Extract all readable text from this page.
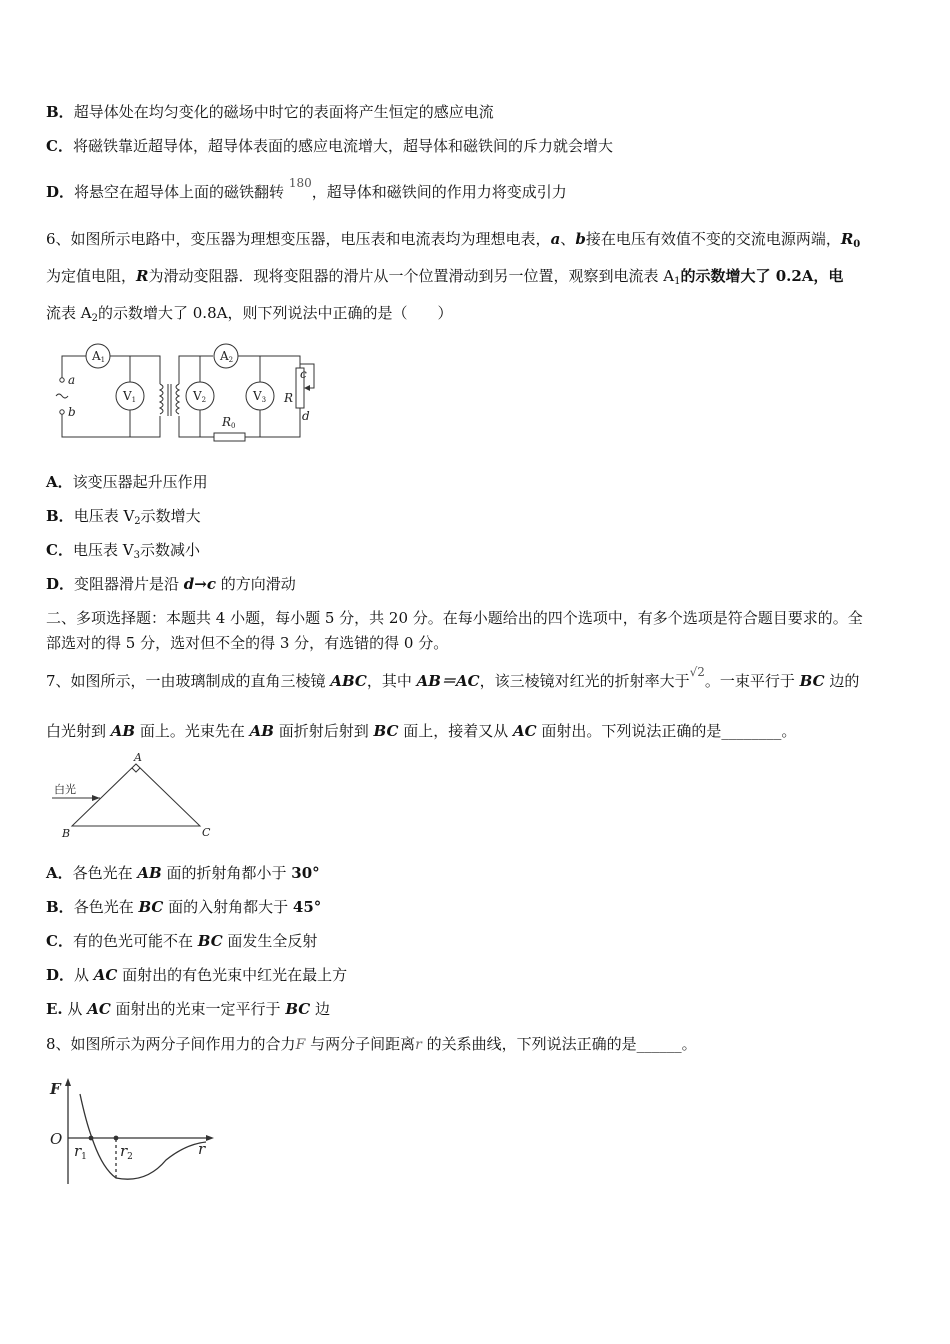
B．超导体处在均匀变化的磁场中时它的表面将产生恒定的感应电流
C．将磁铁靠近超导体，超导体表面的感应电流增大，超导体和磁铁间的斥力就会增大
D．将悬空在超导体上面的磁铁翻转 $^{180}$，超导体和磁铁间的作用力将变成引力
6、如图所示电路中，变压器为理想变压器，电压表和电流表均为理想电表，a、b接在电压有效值不变的交流电源两端，$R_0$
为定值电阻，R为滑动变阻器．现将变阻器的滑片从一个位置滑动到另一位置，观察到电流表 $A_1$的示数增大了 0.2A，电
流表 $A_2$的示数增大了 0.8A，则下列说法中正确的是（　　）
A1	A2
V1	V2	V3
R0
R
a
b
c
d
A．该变压器起升压作用
B．电压表 $V_2$示数增大
C．电压表 $V_3$示数减小
D．变阻器滑片是沿 d→c 的方向滑动
二、多项选择题：本题共 4 小题，每小题 5 分，共 20 分。在每小题给出的四个选项中，有多个选项是符合题目要求的。全
部选对的得 5 分，选对但不全的得 3 分，有选错的得 0 分。
7、如图所示，一由玻璃制成的直角三棱镜 ABC，其中 AB＝AC，该三棱镜对红光的折射率大于$^{√2}$。一束平行于 BC 边的
白光射到 AB 面上。光束先在 AB 面折射后射到 BC 面上，接着又从 AC 面射出。下列说法正确的是________。
A
B	C
白光
A．各色光在 AB 面的折射角都小于 30°
B．各色光在 BC 面的入射角都大于 45°
C．有的色光可能不在 BC 面发生全反射
D．从 AC 面射出的有色光束中红光在最上方
E. 从 AC 面射出的光束一定平行于 BC 边
8、如图所示为两分子间作用力的合力F 与两分子间距离r 的关系曲线，下列说法正确的是______。
F
O
$r_1$ $r_2$	r
